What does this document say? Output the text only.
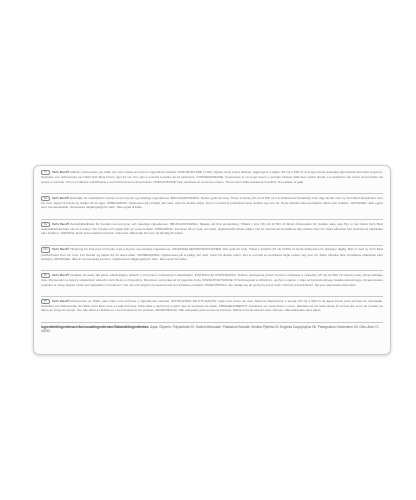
IT Vet's Best® Additivo rinfrescante per l'alito per cani a base di enzimi e ingredienti naturali. ISTRUZIONI PER L'USO: Agitare bene prima dell'uso. Aggiungere 1 tappo (15 ml) a 500 ml di acqua fresca destinata agli animali domestici al giorno. Sostituire con rinfrescante per l'alito Vet's Best fresco ogni 24 ore. Per cani e cuccioli a partire da 12 settimane. CONSERVAZIONE: Conservare in un luogo fresco e asciutto lontano dalla luce solare diretta. La variazione del colore del prodotto nel tempo è normale. Ciò non influisce sull'efficacia o sul funzionamento del prodotto. PRECAUZIONE: Non destinato al consumo umano. Tenere fuori dalla portata dei bambini. Non adatto ai gatti.
DA Vet's Best® ånderåde for vandskål for hunde med enzymer og naturlige ingredienser. BRUGSANVISNING: Rystes godt før brug. Tilsæt 1 hætte (15 ml) til 500 ml rent drikkevand til kæledyr hver dag. Erstat med ny Vet's Best åndefrisker hver 24. time. Egnet til hunde og hvalpe fra 12 uger. OPBEVARING: Opbevares på et køligt, tørt sted, væk fra direkte sollys. Det er normalt at produktets farve ændrer sig over tid. Dette påvirker ikke produktets effekt eller funktion. ADVARSEL: Ikke egnet som menneskeføde. Opbevares utilgængeligt for børn. Ikke egnet til katte.
SV Vet's Best® Andedräktstillsats för hundar med enzymer och naturliga ingredienser. BRUKSANVISNING: Skakas väl före användning. Tillsätt 1 lock (15 ml) till 500 ml färskt dricksvatten för husdjur varje dag. Byt ut mot färskt Vet's Best andedräktsfräschare var 24:e timme. För hundar och valpar från 12 veckors ålder. FÖRVARING: Förvaras på en sval, torr plats, skyddad från direkt solljus. Det är normalt att produktens färg ändras över tid. Detta påverkar inte produktens effektivitet eller funktion. VARNING: Ej för livsmedelskonsumtion. Förvaras oåtkomligt för barn. Ej lämplig för katter.
NO Vet's Best® Tilsetning for frisk pust til hunder med enzymer og naturlige ingredienser. ANVENDELSESINSTRUKSJONER: Rist godt før bruk. Tilsett 1 korkfull (15 ml) til 500 ml ferskt drikkevann for kjæledyr daglig. Bytt ut med ny Vet's Best pustforfrisker hver 24. time. For hunder og valper fra 12 ukers alder. OPPBEVARING: Oppbevares på et kjølig, tørt sted, borte fra direkte sollys. Det er normalt at produktets farge endrer seg over tid. Dette påvirker ikke produktets effektivitet eller funksjon. ADVARSEL: Ikke til menneskelig konsum. Oppbevares utilgjengelig for barn. Ikke egnet for katter.
PL Vet's Best® Dodatek do wody dla psów odświeżający oddech z enzymami i naturalnymi składnikami. INSTRUKCJA STOSOWANIA: Dobrze wstrząsnąć przed użyciem. Dodawać 1 nakrętkę (15 ml) do 500 ml świeżej wody pitnej każdego dnia. Wymieniać na świeży odświeżacz oddechu Vet's Best co 24 godziny. Dla psów i szczeniąt od 12 tygodnia życia. PRZECHOWYWANIE: Przechowywać w chłodnym, suchym miejscu, z dala od bezpośredniego światła słonecznego. Zmiana koloru produktu w miarę upływu czasu jest zjawiskiem normalnym. Nie ma ona wpływu na skuteczność ani działanie produktu. PRZESTROGA: Nie nadaje się do spożycia przez ludzi. Chronić przed dziećmi. Nie jest odpowiedni dla kotów.
PT Vet's Best® Refrescante de Hálito para Cães com enzimas e ingredientes naturais. INSTRUÇÕES DE UTILIZAÇÃO: Agite bem antes de usar. Adicione diariamente 1 tampa (15 ml) a 500 ml de água fresca para animais de estimação. Substitua por Refrescante de Hálito Vet's Best novo a cada 24 horas. Para cães e cachorros a partir das 12 semanas de idade. ARMAZENAMENTO: Armazene em local fresco e seco, afastado da luz solar direta. É normal que a cor do produto se altere ao longo do tempo. Isto não afeta a eficácia ou o funcionamento do produto. ADVERTÊNCIA: Não adequado para consumo humano. Manter fora do alcance das crianças. Não adequado para gatos.
Ingredienti/Ingredienser/Ainesosat/Ingredienser/Składniki/Ingredientes: Aqua, Glycerin, Polysorbate 20, Sodium Benzoate, Potassium Sorbate, Mentha Piperita Oil, Eugenia Caryophyllus Oil, Pelargonium Graveolens Oil, Citric Acid, CI 42090.
